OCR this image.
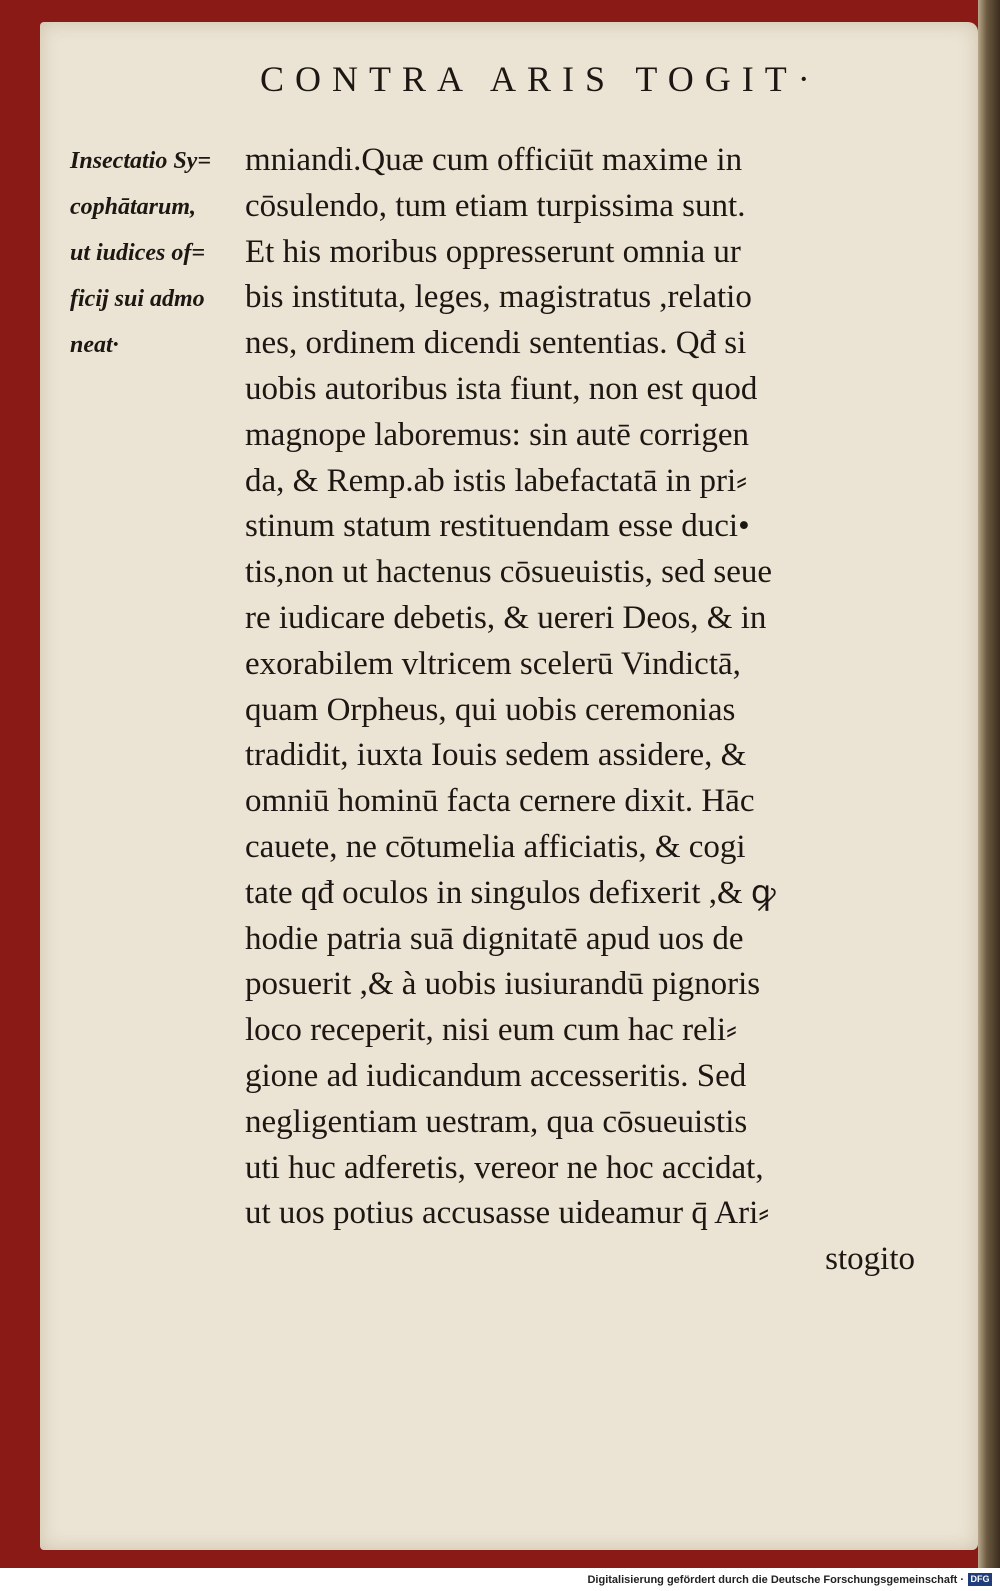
CONTRA ARIS TOGIT·
Insectatio Sy=
cophātarum,
ut iudices of=
ficij sui admo
neat·
mniandi.Quæ cum officiūt maxime in
cōsulendo, tum etiam turpissima sunt.
Et his moribus oppresserunt omnia ur
bis instituta, leges, magistratus ,relatio
nes, ordinem dicendi sententias. Qđ si
uobis autoribus ista fiunt, non est quod
magnope laboremus: sin autē corrigen
da, & Remp.ab istis labefactatā in pri⸗
stinum statum restituendam esse duci•
tis,non ut hactenus cōsueuistis, sed seue
re iudicare debetis, & uereri Deos, & in
exorabilem vltricem scelerū Vindictā,
quam Orpheus, qui uobis ceremonias
tradidit, iuxta Iouis sedem assidere, &
omniū hominū facta cernere dixit. Hāc
cauete, ne cōtumelia afficiatis, & cogi
tate qđ oculos in singulos defixerit ,& ꝙ
hodie patria suā dignitatē apud uos de
posuerit ,& à uobis iusiurandū pignoris
loco receperit, nisi eum cum hac reli⸗
gione ad iudicandum accesseritis. Sed
negligentiam uestram, qua cōsueuistis
uti huc adferetis, vereor ne hoc accidat,
ut uos potius accusasse uideamur q̄ Ari⸗
stogito
Digitalisierung gefördert durch die Deutsche Forschungsgemeinschaft · DFG
